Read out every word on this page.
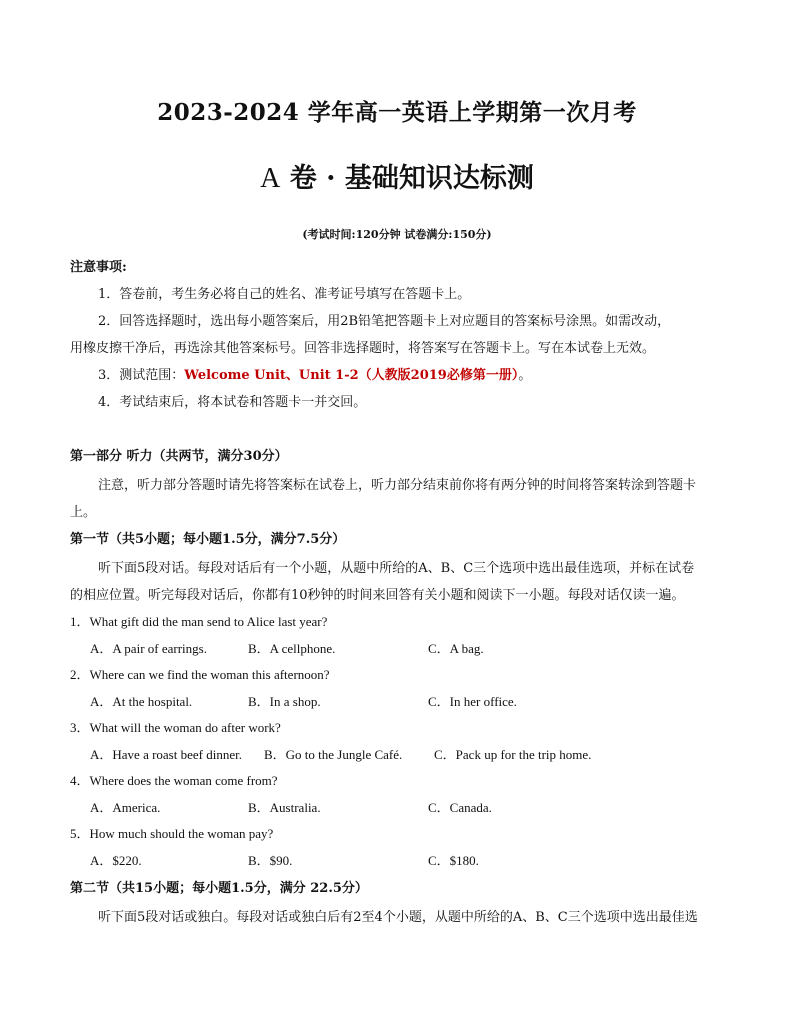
2023-2024 学年高一英语上学期第一次月考
A 卷 · 基础知识达标测
(考试时间:120分钟 试卷满分:150分)
注意事项:
1．答卷前，考生务必将自己的姓名、准考证号填写在答题卡上。
2．回答选择题时，选出每小题答案后，用2B铅笔把答题卡上对应题目的答案标号涂黑。如需改动，
用橡皮擦干净后，再选涂其他答案标号。回答非选择题时，将答案写在答题卡上。写在本试卷上无效。
3．测试范围：Welcome Unit、Unit 1-2（人教版2019必修第一册）。
4．考试结束后，将本试卷和答题卡一并交回。
第一部分 听力（共两节，满分30分）
注意，听力部分答题时请先将答案标在试卷上，听力部分结束前你将有两分钟的时间将答案转涂到答题卡
上。
第一节（共5小题；每小题1.5分，满分7.5分）
听下面5段对话。每段对话后有一个小题，从题中所给的A、B、C三个选项中选出最佳选项，并标在试卷
的相应位置。听完每段对话后，你都有10秒钟的时间来回答有关小题和阅读下一小题。每段对话仅读一遍。
1．What gift did the man send to Alice last year?
A．A pair of earrings.	B．A cellphone.	C．A bag.
2．Where can we find the woman this afternoon?
A．At the hospital.	B．In a shop.	C．In her office.
3．What will the woman do after work?
A．Have a roast beef dinner. B．Go to the Jungle Café. C．Pack up for the trip home.
4．Where does the woman come from?
A．America.	B．Australia.	C．Canada.
5．How much should the woman pay?
A．$220.	B．$90.	C．$180.
第二节（共15小题；每小题1.5分，满分 22.5分）
听下面5段对话或独白。每段对话或独白后有2至4个小题，从题中所给的A、B、C三个选项中选出最佳选
